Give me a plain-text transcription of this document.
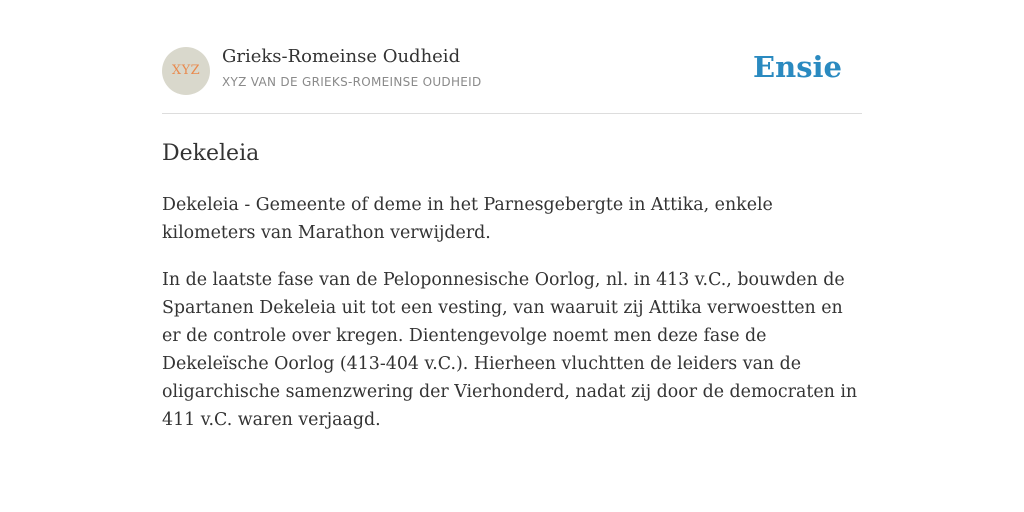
XYZ
Grieks-Romeinse Oudheid
XYZ VAN DE GRIEKS-ROMEINSE OUDHEID	Ensie
Dekeleia

Dekeleia - Gemeente of deme in het Parnesgebergte in Attika, enkele kilometers van Marathon verwijderd.

In de laatste fase van de Peloponnesische Oorlog, nl. in 413 v.C., bouwden de Spartanen Dekeleia uit tot een vesting, van waaruit zij Attika verwoestten en er de controle over kregen. Dientengevolge noemt men deze fase de Dekeleïsche Oorlog (413-404 v.C.). Hierheen vluchtten de leiders van de oligarchische samenzwering der Vierhonderd, nadat zij door de democraten in 411 v.C. waren verjaagd.
